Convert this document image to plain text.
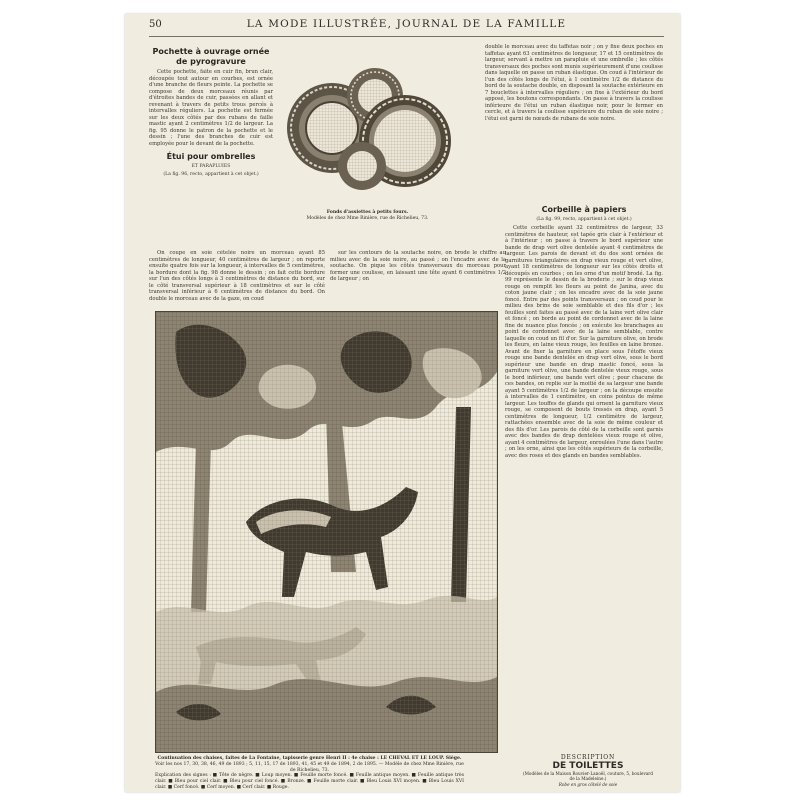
50	LA MODE ILLUSTRÉE, JOURNAL DE LA FAMILLE
Pochette à ouvrage ornée de pyrogravure

Cette pochette, faite en cuir fin, brun clair, découpée tout autour en courbes, est ornée d'une branche de fleurs peinte. La pochette se compose de deux morceaux réunis par d'étroites bandes de cuir, passées en allant et revenant à travers de petits trous percés à intervalles réguliers. La pochette est fermée sur les deux côtés par des rubans de faille mastic ayant 2 centimètres 1/2 de largeur. La fig. 95 donne le patron de la pochette et le dessin ; l'une des branches de cuir est employée pour le devant de la pochette.

Étui pour ombrelles
ET PARAPLUIES
(La fig. 96, recto, appartient à cet objet.)

On coupe en soie cételée noire un morceau ayant 85 centimètres de longueur, 40 centimètres de largeur ; on reporte ensuite quatre fois sur la longueur, à intervalles de 5 centimètres, la bordure dont la fig. 98 donne le dessin ; on fait cette bordure sur l'un des côtés longs à 3 centimètres de distance du bord, sur le côté transversal supérieur à 18 centimètres et sur le côté transversal inférieur à 6 centimètres de distance du bord. On double le morceau avec de la gaze, on coud

sur les contours de la soutache noire, on brode le chiffre au milieu avec de la soie noire, au passé ; on l'encadre avec de la soutache. On pique les côtés transversaux du morceau pour former une coulisse, en laissant une tête ayant 6 centimètres 1/2 de largeur ; on

Fonds d'assiettes à petits fours.
Modèles de chez Mme Rinière, rue de Richelieu, 73.

double le morceau avec du taffetas noir ; on y fixe deux poches en taffetas ayant 63 centimètres de longueur, 17 et 15 centimètres de largeur, servant à mettre un parapluie et une ombrelle ; les côtés transversaux des poches sont munis supérieurement d'une coulisse dans laquelle on passe un ruban élastique. On coud à l'intérieur de l'un des côtés longs de l'étui, à 1 centimètre 1/2 de distance du bord de la soutache double, en disposant la soutache extérieure en 7 bouclettes à intervalles réguliers ; on fixe à l'extérieur du bord apposé, les boutons correspondants. On passe à travers la coulisse inférieure de l'étui un ruban élastique noir, pour le fermer en cercle, et à travers la coulisse supérieure du ruban de soie noire ; l'étui est garni de nœuds de rubans de soie noire.

Corbeille à papiers
(La fig. 99, recto, appartient à cet objet.)

Cette corbeille ayant 32 centimètres de largeur, 33 centimètres de hauteur, est tapée gris clair à l'extérieur et à l'intérieur ; on passe à travers le bord supérieur une bande de drap vert olive dentelée ayant 4 centimètres de largeur. Les parois de devant et du dos sont ornées de garnitures triangulaires en drap vieux rouge et vert olive, ayant 18 centimètres de longueur sur les côtés droits et découpés en courbes ; on les orne d'un motif brodé. La fig. 99 représente le dessin de la broderie ; sur le drap vieux rouge on remplit les fleurs au point de Janina, avec du coton jaune clair ; on les encadre avec de la soie jaune foncé. Entre par des points transversaux ; on coud pour le milieu des brins de soie semblable et des fils d'or ; les feuilles sont faites au passé avec de la laine vert olive clair et foncé ; on borde au point de cordonnet avec de la laine fine de nuance plus foncée ; on exécute les branchages au point de cordonnet avec de la laine semblable, contre laquelle on coud un fil d'or. Sur la garniture olive, on brode les fleurs, en laine vieux rouge, les feuilles en laine bronze. Avant de fixer la garniture en place sous l'étoffe vieux rouge une bande dentelée en drap vert olive, sous le bord supérieur une bande en drap mastic foncé, sous la garniture vert olive, une bande dentelée vieux rouge, sous le bord inférieur, une bande vert olive ; pour chacune de ces bandes, on replie sur la moitié de sa largeur une bande ayant 5 centimètres 1/2 de largeur ; on la découpe ensuite à intervalles de 1 centimètre, en coins pointus de même largeur. Les touffes de glands qui ornent la garniture vieux rouge, se composent de bouts tressés en drap, ayant 5 centimètres de longueur, 1/2 centimètre de largeur, rattachées ensemble avec de la soie de même couleur et des fils d'or. Les parois de côté de la corbeille sont garnis avec des bandes de drap dentelées vieux rouge et olive, ayant 4 centimètres de largeur, enroulées l'une dans l'autre ; on les orne, ainsi que les côtés supérieurs de la corbeille, avec des roses et des glands en bandes semblables.

Continuation des chaises, faites de La Fontaine, tapisserie genre Henri II : 4e chaise : LE CHEVAL ET LE LOUP. Siège.
Voir les nos 17, 30, 38, 46, 49 de 1893 ; 5, 11, 15, 17 de 1893, 41, 45 et 49 de 1894, 2 de 1895. — Modèle de chez Mme Rinière, rue de Richelieu, 73.
Explication des signes : ■ Tête de nègre. ■ Loup moyen. ■ Feuille morte foncé. ■ Feuille antique moyen. ■ Feuille antique très clair. ■ Bleu pour ciel clair. ■ Bleu pour ciel foncé. ■ Bronze. ■ Feuille morte clair. ■ Bleu Louis XVI moyen. ■ Bleu Louis XVI clair. ■ Cerf foncé. ■ Cerf moyen. ■ Cerf clair. ■ Rouge.
DESCRIPTION
DE TOILETTES
(Modèles de la Maison Rouvier-Lanoël, couture, 5, boulevard de la Madeleine.)
Robe en gros côtelé de soie
